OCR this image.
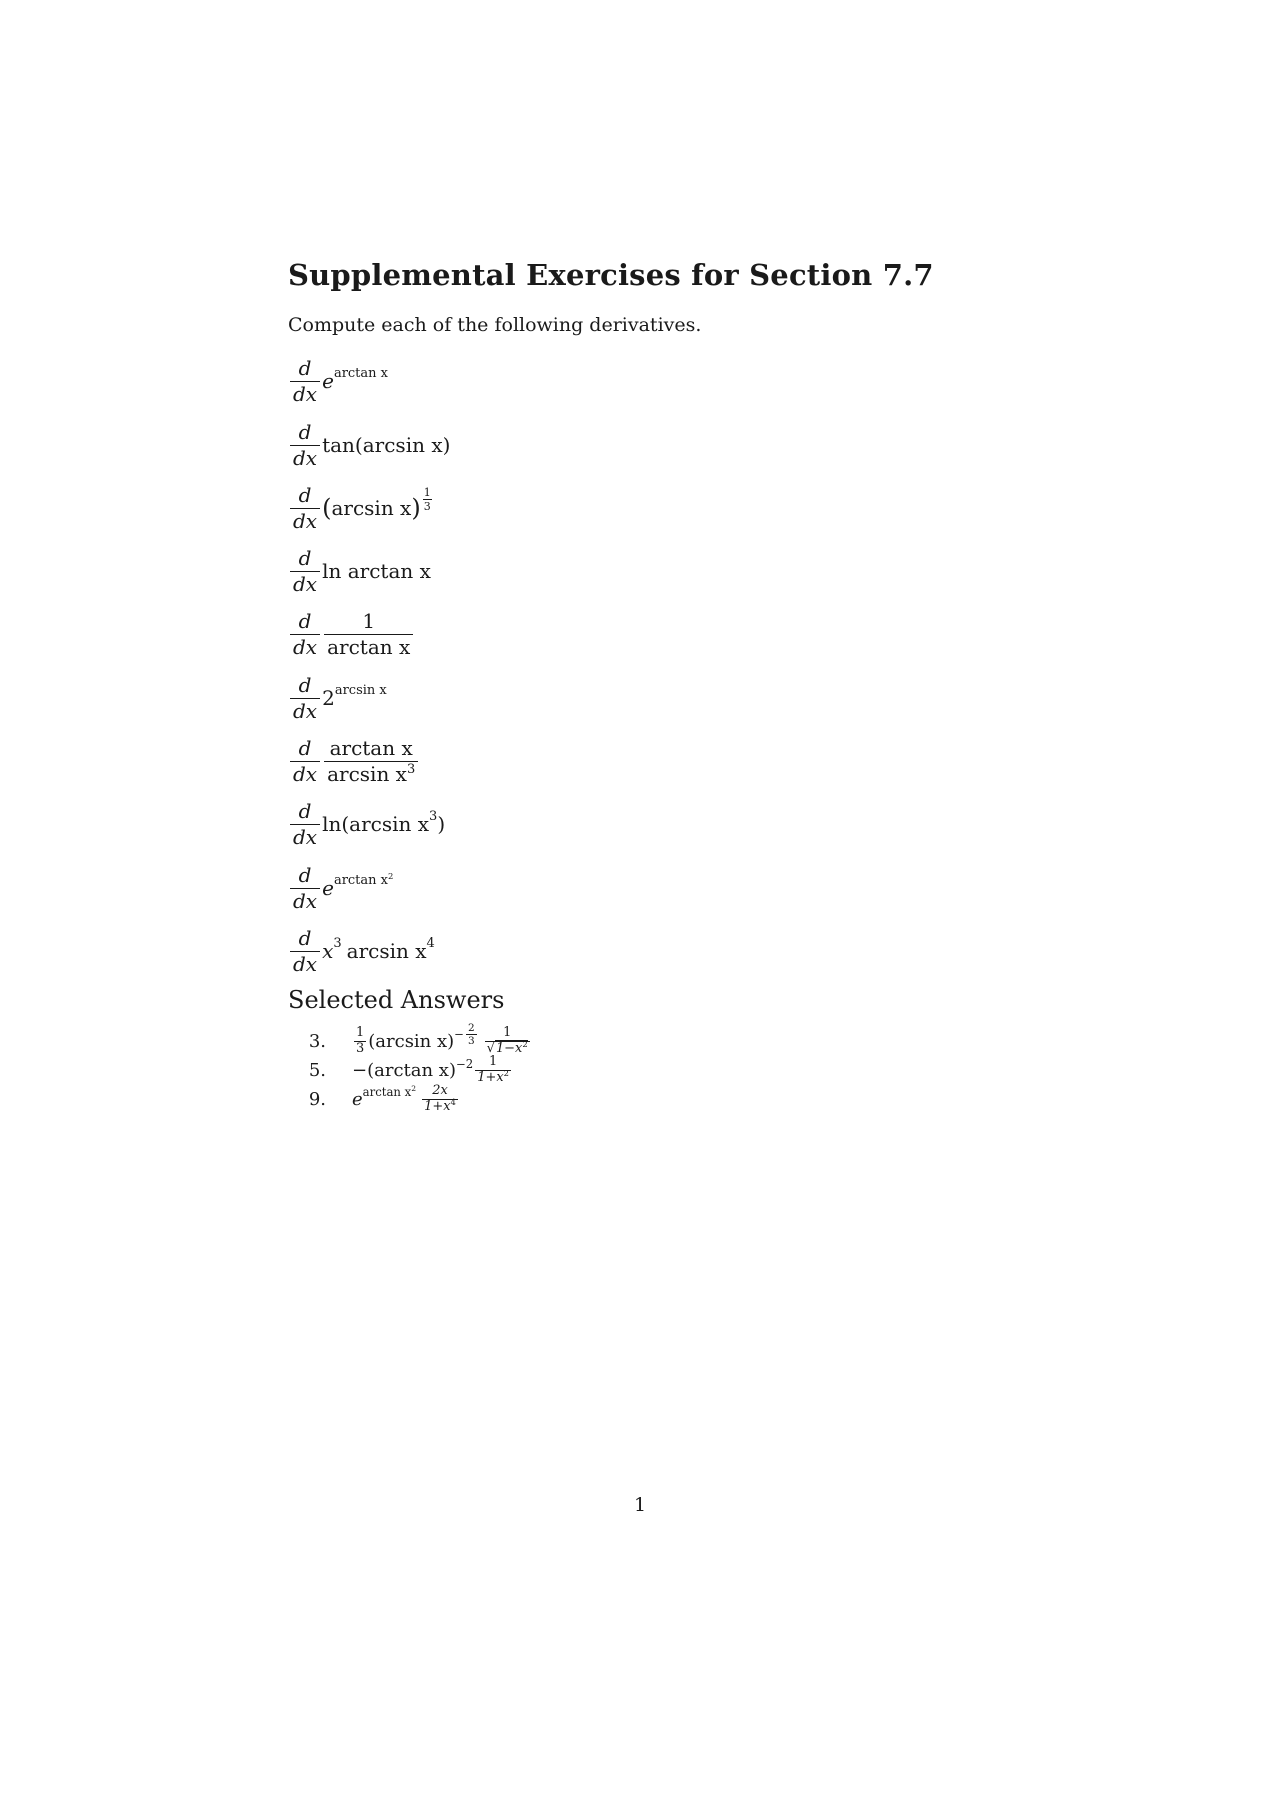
Supplemental Exercises for Section 7.7
Compute each of the following derivatives.
$\frac{d}{dx} e^{arctan x}$
$\frac{d}{dx} \tan(\arcsin$ x)
$\frac{d}{dx}$ ( arcsin x ) $\frac{1}{3}$
$\frac{d}{dx}$ ln arctan x
$\frac{d}{dx} \frac{1}{\text{arctan x}}$
$\frac{d}{dx} 2^{arcsin x}$
$\frac{d}{dx} \frac{\text{arctan x}}{\arcsin x^3}$
$\frac{d}{dx} \ln(\arcsin$ $x^3$ )
$\frac{d}{dx}$ e $^{arctan x^2}$
$\frac{d}{dx} x^3$ $\arcsin x^4$
Selected Answers
3. 1
3 (arcsin x) $^{- \frac{2}{3}}$ 1
$√1-x^2$
5. −(arctan x)$^{-2}$ 1
$1+x^2$
9. e $^{arctan x^2}$ 2x
$1+x^4$
1
